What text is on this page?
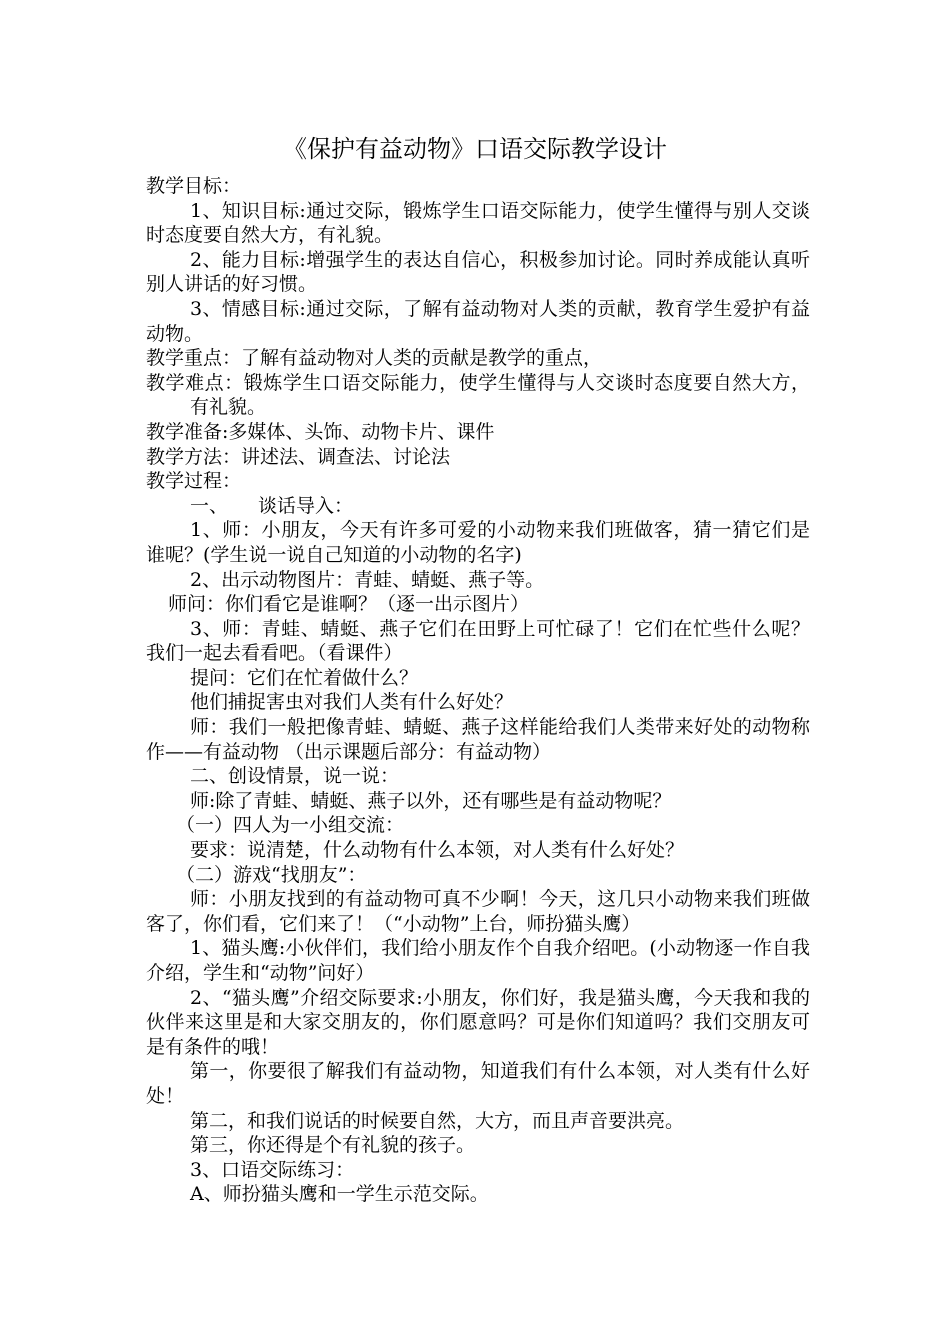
《保护有益动物》口语交际教学设计

教学目标：

1、知识目标:通过交际，锻炼学生口语交际能力，使学生懂得与别人交谈时态度要自然大方，有礼貌。

2、能力目标:增强学生的表达自信心，积极参加讨论。同时养成能认真听别人讲话的好习惯。

3、情感目标:通过交际，了解有益动物对人类的贡献，教育学生爱护有益动物。

教学重点：了解有益动物对人类的贡献是教学的重点，

教学难点：锻炼学生口语交际能力，使学生懂得与人交谈时态度要自然大方，有礼貌。

教学准备:多媒体、头饰、动物卡片、课件

教学方法：讲述法、调查法、讨论法

教学过程：

一、 谈话导入：

1、师：小朋友，今天有许多可爱的小动物来我们班做客，猜一猜它们是谁呢？(学生说一说自己知道的小动物的名字)

2、出示动物图片：青蛙、蜻蜓、燕子等。

师问：你们看它是谁啊？（逐一出示图片）

3、师：青蛙、蜻蜓、燕子它们在田野上可忙碌了！它们在忙些什么呢？我们一起去看看吧。（看课件）

提问：它们在忙着做什么？

他们捕捉害虫对我们人类有什么好处？

师：我们一般把像青蛙、蜻蜓、燕子这样能给我们人类带来好处的动物称作——有益动物 （出示课题后部分：有益动物）

二、创设情景，说一说：

师:除了青蛙、蜻蜓、燕子以外，还有哪些是有益动物呢？

（一）四人为一小组交流：

要求：说清楚，什么动物有什么本领，对人类有什么好处？

（二）游戏“找朋友”：

师：小朋友找到的有益动物可真不少啊！今天，这几只小动物来我们班做客了，你们看，它们来了！（“小动物”上台，师扮猫头鹰）

1、猫头鹰:小伙伴们，我们给小朋友作个自我介绍吧。(小动物逐一作自我介绍，学生和“动物”问好）

2、“猫头鹰”介绍交际要求:小朋友，你们好，我是猫头鹰，今天我和我的伙伴来这里是和大家交朋友的，你们愿意吗？可是你们知道吗？我们交朋友可是有条件的哦！

第一，你要很了解我们有益动物，知道我们有什么本领，对人类有什么好处！

第二，和我们说话的时候要自然，大方，而且声音要洪亮。

第三，你还得是个有礼貌的孩子。

3、口语交际练习：

A、师扮猫头鹰和一学生示范交际。
